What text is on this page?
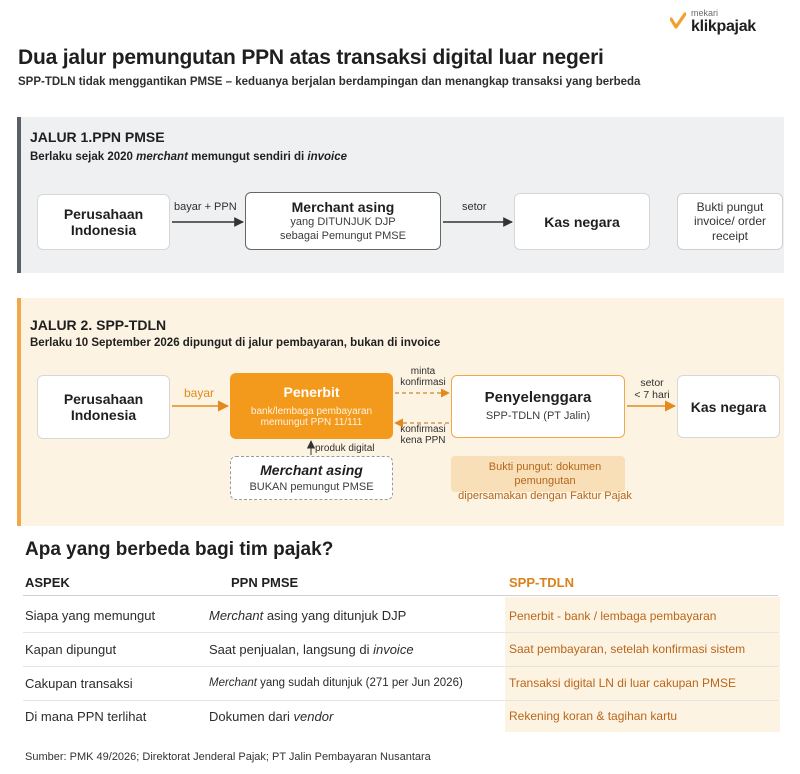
mekari
klikpajak
Dua jalur pemungutan PPN atas transaksi digital luar negeri
SPP-TDLN tidak menggantikan PMSE – keduanya berjalan berdampingan dan menangkap transaksi yang berbeda
JALUR 1.PPN PMSE
Berlaku sejak 2020 merchant memungut sendiri di invoice
Perusahaan Indonesia
bayar + PPN	Merchant asing
yang DITUNJUK DJP
sebagai Pemungut PMSE
setor
Kas negara
Bukti pungut invoice/ order receipt
JALUR 2. SPP-TDLN
Berlaku 10 September 2026 dipungut di jalur pembayaran, bukan di invoice
Perusahaan Indonesia
bayar	Penerbit
bank/lembaga pembayaran
memungut PPN 11/111
minta
konfirmasi
konfirmasi
kena PPN
Penyelenggara
SPP-TDLN (PT Jalin)
setor
< 7 hari
Kas negara
produk digital
Merchant asing
BUKAN pemungut PMSE
Bukti pungut: dokumen
pemungutan
dipersamakan dengan Faktur Pajak
Apa yang berbeda bagi tim pajak?
ASPEK	PPN PMSE	SPP-TDLN
Siapa yang memungut	Merchant asing yang ditunjuk DJP	Penerbit - bank / lembaga pembayaran
Kapan dipungut	Saat penjualan, langsung di invoice	Saat pembayaran, setelah konfirmasi sistem
Cakupan transaksi	Merchant yang sudah ditunjuk (271 per Jun 2026)	Transaksi digital LN di luar cakupan PMSE
Di mana PPN terlihat	Dokumen dari vendor	Rekening koran & tagihan kartu
Sumber: PMK 49/2026; Direktorat Jenderal Pajak; PT Jalin Pembayaran Nusantara
